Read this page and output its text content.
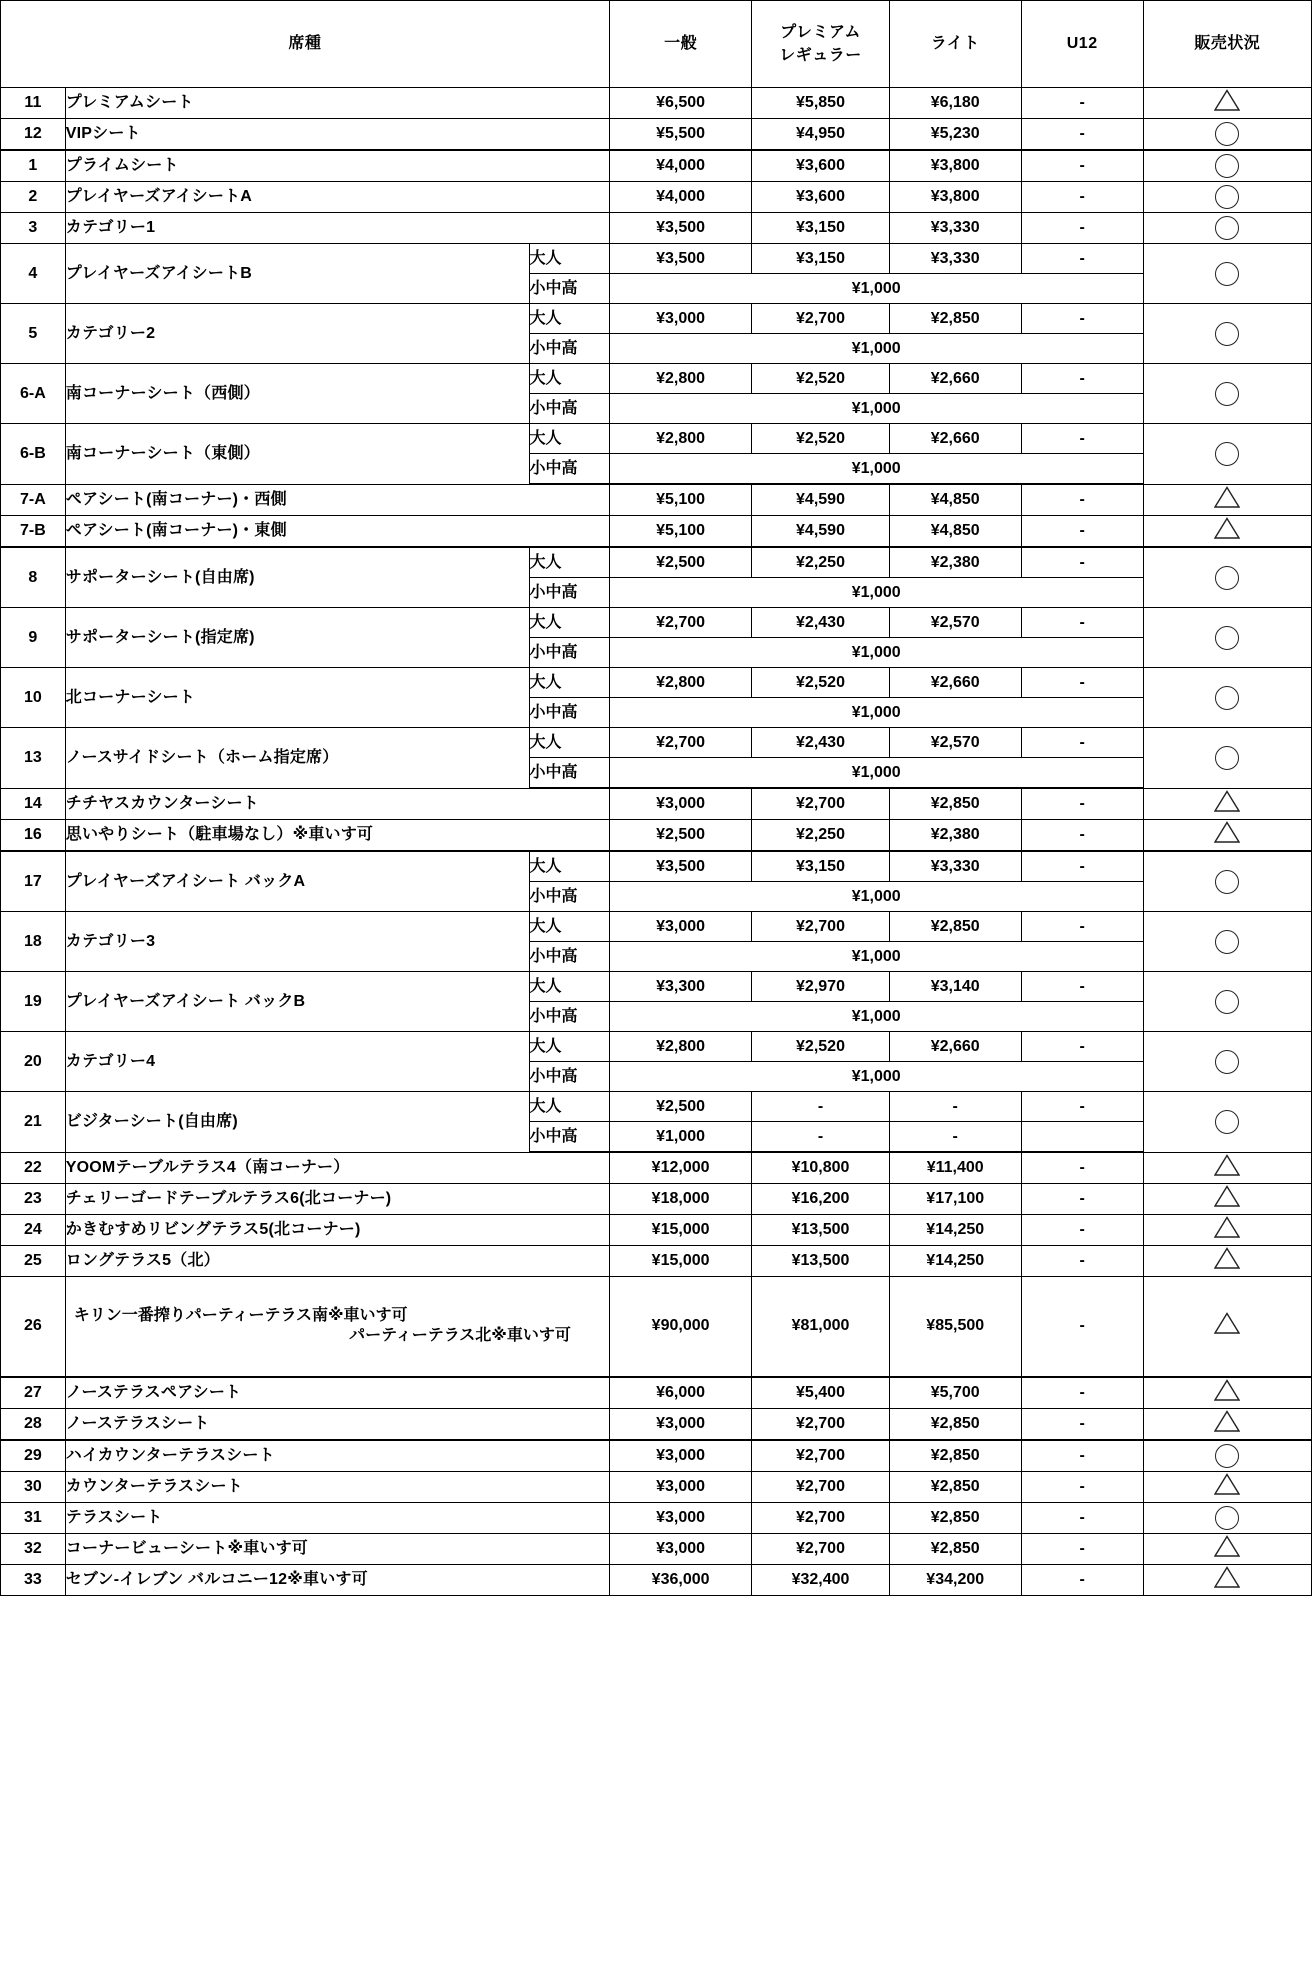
席種			一般	プレミアム
レギュラー	ライト	U12	販売状況
11	プレミアムシート		¥6,500	¥5,850	¥6,180	-	

12	VIPシート		¥5,500	¥4,950	¥5,230	-	
1	プライムシート		¥4,000	¥3,600	¥3,800	-	
2	プレイヤーズアイシートA		¥4,000	¥3,600	¥3,800	-	
3	カテゴリー1		¥3,500	¥3,150	¥3,330	-	
4	プレイヤーズアイシートB	大人	¥3,500	¥3,150	¥3,330	-	
		小中高	¥1,000				
5	カテゴリー2	大人	¥3,000	¥2,700	¥2,850	-	
		小中高	¥1,000				
6-A	南コーナーシート（西側）	大人	¥2,800	¥2,520	¥2,660	-	
		小中高	¥1,000				
6-B	南コーナーシート（東側）	大人	¥2,800	¥2,520	¥2,660	-	
		小中高	¥1,000				
7-A	ペアシート(南コーナー)・西側		¥5,100	¥4,590	¥4,850	-	

7-B	ペアシート(南コーナー)・東側		¥5,100	¥4,590	¥4,850	-	

8	サポーターシート(自由席)	大人	¥2,500	¥2,250	¥2,380	-	
		小中高	¥1,000				
9	サポーターシート(指定席)	大人	¥2,700	¥2,430	¥2,570	-	
		小中高	¥1,000				
10	北コーナーシート	大人	¥2,800	¥2,520	¥2,660	-	
		小中高	¥1,000				
13	ノースサイドシート（ホーム指定席）	大人	¥2,700	¥2,430	¥2,570	-	
		小中高	¥1,000				
14	チチヤスカウンターシート		¥3,000	¥2,700	¥2,850	-	

16	思いやりシート（駐車場なし）※車いす可		¥2,500	¥2,250	¥2,380	-	

17	プレイヤーズアイシート バックA	大人	¥3,500	¥3,150	¥3,330	-	
		小中高	¥1,000				
18	カテゴリー3	大人	¥3,000	¥2,700	¥2,850	-	
		小中高	¥1,000				
19	プレイヤーズアイシート バックB	大人	¥3,300	¥2,970	¥3,140	-	
		小中高	¥1,000				
20	カテゴリー4	大人	¥2,800	¥2,520	¥2,660	-	
		小中高	¥1,000				
21	ビジターシート(自由席)	大人	¥2,500	-	-	-	
		小中高	¥1,000	-	-		
22	YOOMテーブルテラス4（南コーナー）		¥12,000	¥10,800	¥11,400	-	

23	チェリーゴードテーブルテラス6(北コーナー)		¥18,000	¥16,200	¥17,100	-	

24	かきむすめリビングテラス5(北コーナー)		¥15,000	¥13,500	¥14,250	-	

25	ロングテラス5（北）		¥15,000	¥13,500	¥14,250	-	

26	キリン一番搾りパーティーテラス南※車いす可
パーティーテラス北※車いす可		¥90,000	¥81,000	¥85,500	-	

27	ノーステラスペアシート		¥6,000	¥5,400	¥5,700	-	

28	ノーステラスシート		¥3,000	¥2,700	¥2,850	-	

29	ハイカウンターテラスシート		¥3,000	¥2,700	¥2,850	-	
30	カウンターテラスシート		¥3,000	¥2,700	¥2,850	-	

31	テラスシート		¥3,000	¥2,700	¥2,850	-	
32	コーナービューシート※車いす可		¥3,000	¥2,700	¥2,850	-	

33	セブン-イレブン バルコニー12※車いす可		¥36,000	¥32,400	¥34,200	-	
